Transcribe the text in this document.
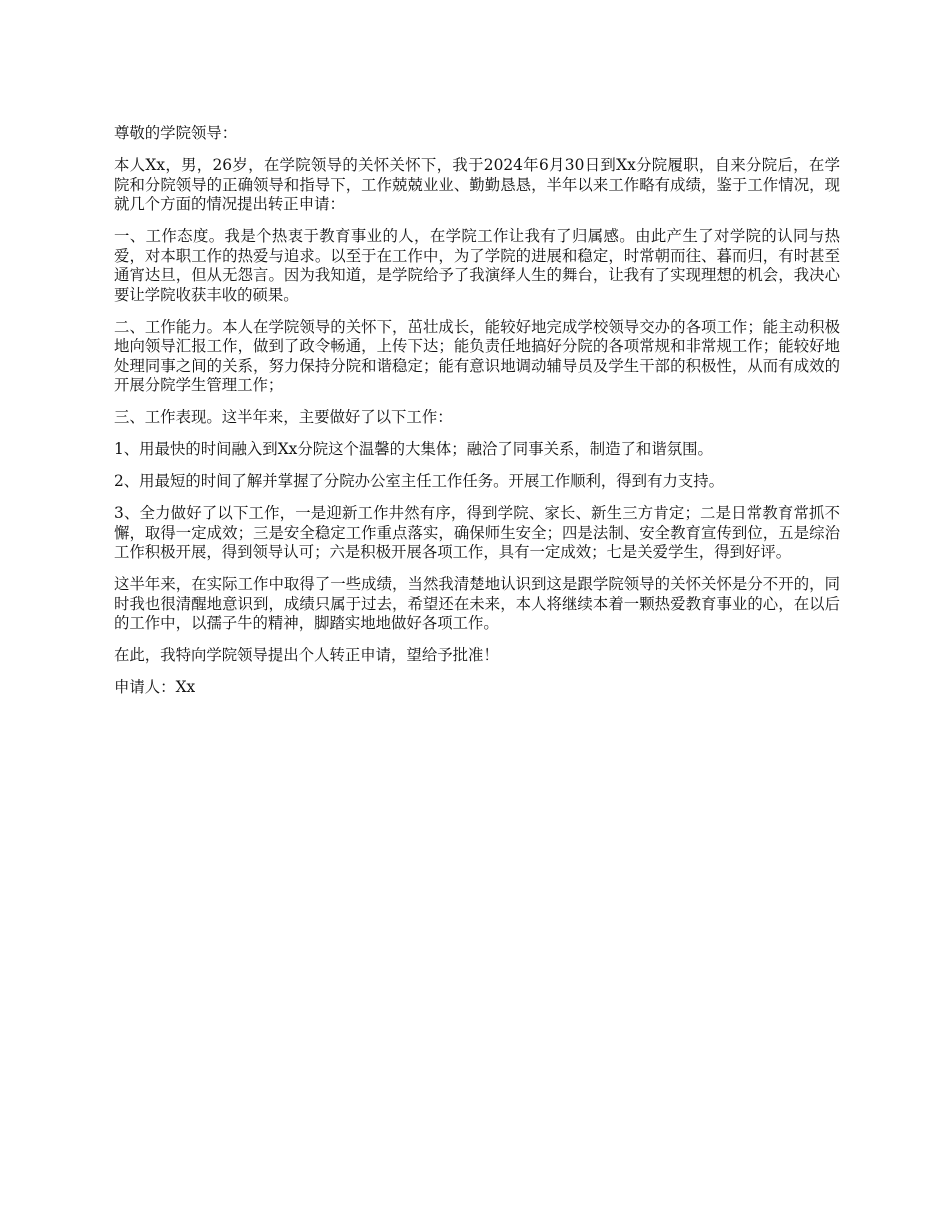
尊敬的学院领导：

本人Xx，男，26岁，在学院领导的关怀关怀下，我于2024年6月30日到Xx分院履职，自来分院后，在学院和分院领导的正确领导和指导下，工作兢兢业业、勤勤恳恳，半年以来工作略有成绩，鉴于工作情况，现就几个方面的情况提出转正申请：

一、工作态度。我是个热衷于教育事业的人，在学院工作让我有了归属感。由此产生了对学院的认同与热爱，对本职工作的热爱与追求。以至于在工作中，为了学院的进展和稳定，时常朝而往、暮而归，有时甚至通宵达旦，但从无怨言。因为我知道，是学院给予了我演绎人生的舞台，让我有了实现理想的机会，我决心要让学院收获丰收的硕果。

二、工作能力。本人在学院领导的关怀下，茁壮成长，能较好地完成学校领导交办的各项工作；能主动积极地向领导汇报工作，做到了政令畅通，上传下达；能负责任地搞好分院的各项常规和非常规工作；能较好地处理同事之间的关系，努力保持分院和谐稳定；能有意识地调动辅导员及学生干部的积极性，从而有成效的开展分院学生管理工作；

三、工作表现。这半年来，主要做好了以下工作：

1、用最快的时间融入到Xx分院这个温馨的大集体；融洽了同事关系，制造了和谐氛围。

2、用最短的时间了解并掌握了分院办公室主任工作任务。开展工作顺利，得到有力支持。

3、全力做好了以下工作，一是迎新工作井然有序，得到学院、家长、新生三方肯定；二是日常教育常抓不懈，取得一定成效；三是安全稳定工作重点落实，确保师生安全；四是法制、安全教育宣传到位，五是综治工作积极开展，得到领导认可；六是积极开展各项工作，具有一定成效；七是关爱学生，得到好评。

这半年来，在实际工作中取得了一些成绩，当然我清楚地认识到这是跟学院领导的关怀关怀是分不开的，同时我也很清醒地意识到，成绩只属于过去，希望还在未来，本人将继续本着一颗热爱教育事业的心，在以后的工作中，以孺子牛的精神，脚踏实地地做好各项工作。

在此，我特向学院领导提出个人转正申请，望给予批准！

申请人：Xx
